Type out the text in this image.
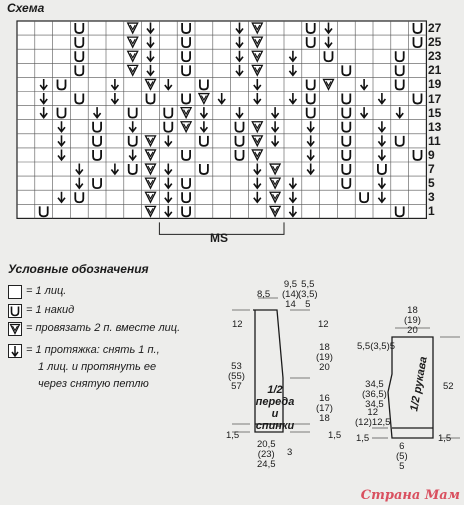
Схема
27
25
23
21
19
17
15
13
11
9
7
5
3
1
MS
Условные обозначения
= 1 лиц.
= 1 накид
= провязать 2 п. вместе лиц.
= 1 протяжка: снять 1 п.,
1 лиц. и протянуть ее
через снятую петлю
8,5
9,5
(14)
14
5,5
(3,5)
5
12	12
18
(19)
20
53
(55)
57
16
(17)
18
20,5
(23)
24,5
3
1,5	1,5
1/2
переда
и
спинки
18
(19)
20
5,5(3,5)5
34,5
(36,5)
34,5
52
12
(12)12,5
6
(5)
5
1,5	1,5
1/2 рукава
Страна Мам
